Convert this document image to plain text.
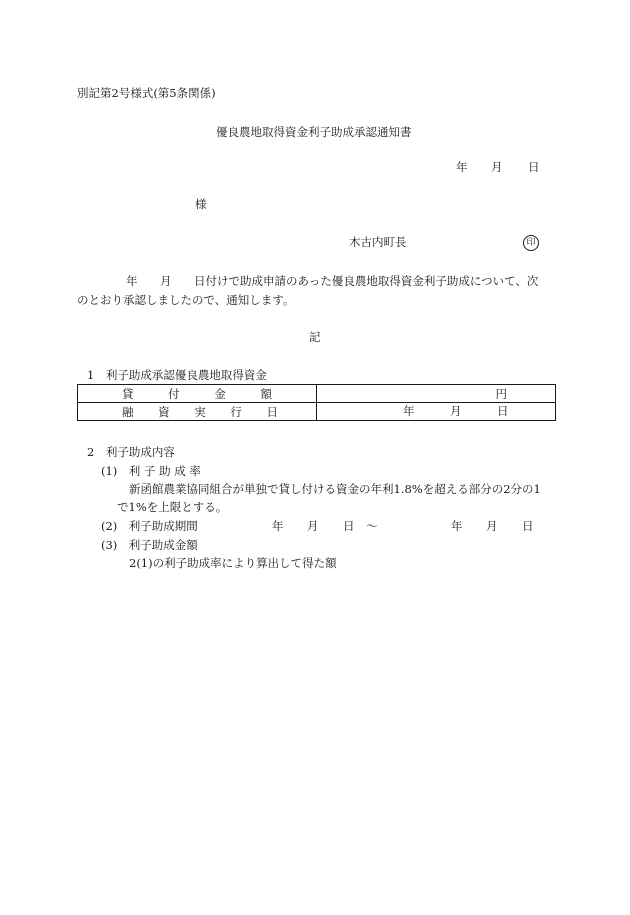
別記第2号様式(第5条関係)
優良農地取得資金利子助成承認通知書
年 月 日
様
木古内町長	印
年 月 日付けで助成申請のあった優良農地取得資金利子助成について、次
のとおり承認しましたので、通知します。
記
1　利子助成承認優良農地取得資金
貸 付 金 額	円

融 資 実 行 日	年 月 日
2　利子助成内容
(1)　利 子 助 成 率
新函館農業協同組合が単独で貸し付ける資金の年利1.8%を超える部分の2分の1
で1%を上限とする。
(2)　利子助成期間	年 月 日 ～	年 月 日
(3)　利子助成金額
2(1)の利子助成率により算出して得た額
